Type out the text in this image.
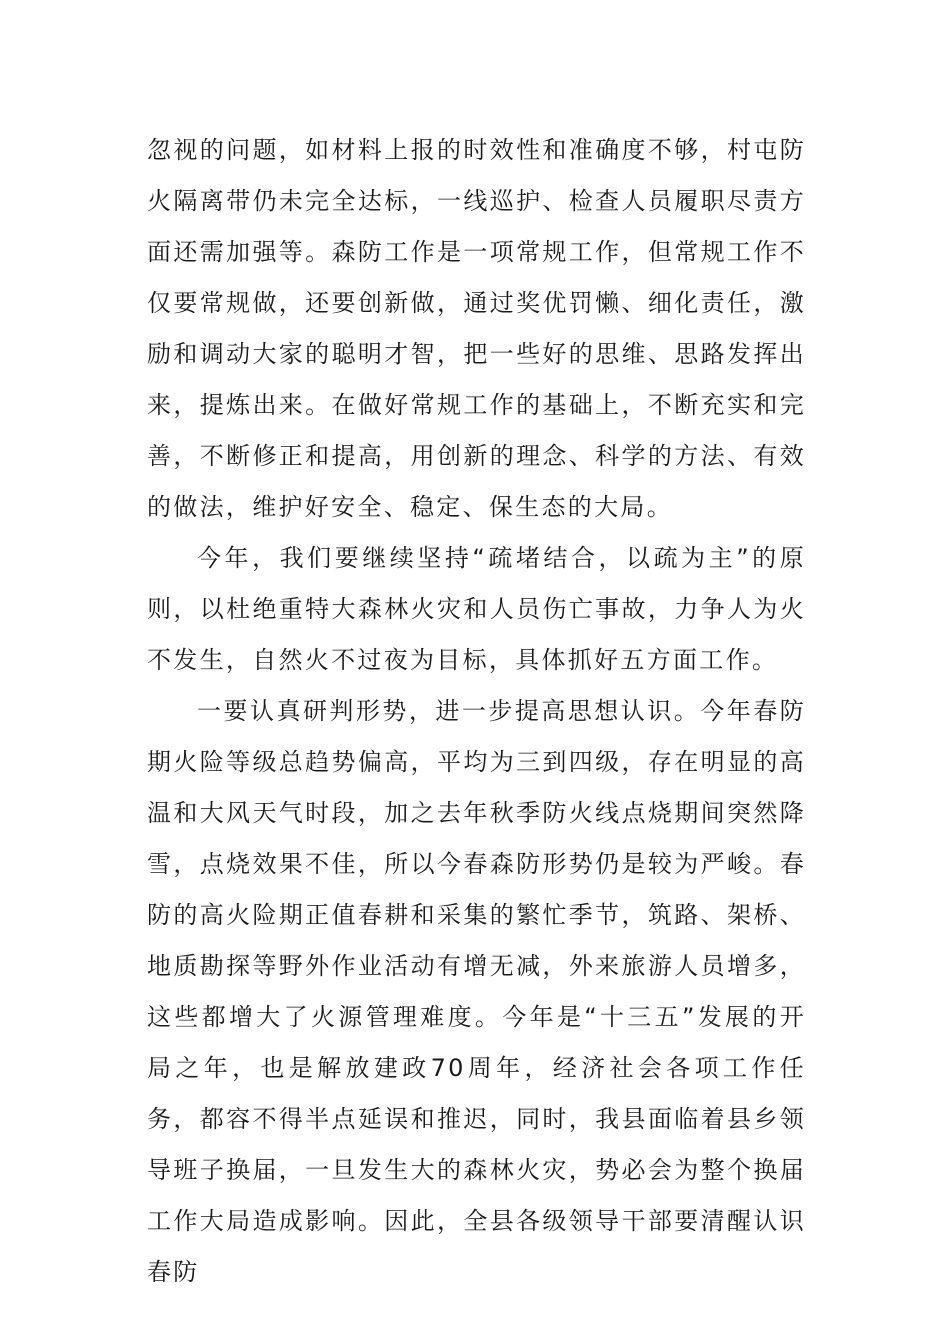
忽视的问题，如材料上报的时效性和准确度不够，村屯防火隔离带仍未完全达标，一线巡护、检查人员履职尽责方面还需加强等。森防工作是一项常规工作，但常规工作不仅要常规做，还要创新做，通过奖优罚懒、细化责任，激励和调动大家的聪明才智，把一些好的思维、思路发挥出来，提炼出来。在做好常规工作的基础上，不断充实和完善，不断修正和提高，用创新的理念、科学的方法、有效的做法，维护好安全、稳定、保生态的大局。

今年，我们要继续坚持“疏堵结合，以疏为主”的原则，以杜绝重特大森林火灾和人员伤亡事故，力争人为火不发生，自然火不过夜为目标，具体抓好五方面工作。

一要认真研判形势，进一步提高思想认识。今年春防期火险等级总趋势偏高，平均为三到四级，存在明显的高温和大风天气时段，加之去年秋季防火线点烧期间突然降雪，点烧效果不佳，所以今春森防形势仍是较为严峻。春防的高火险期正值春耕和采集的繁忙季节，筑路、架桥、地质勘探等野外作业活动有增无减，外来旅游人员增多，这些都增大了火源管理难度。今年是“十三五”发展的开局之年，也是解放建政70周年，经济社会各项工作任务，都容不得半点延误和推迟，同时，我县面临着县乡领导班子换届，一旦发生大的森林火灾，势必会为整个换届工作大局造成影响。因此，全县各级领导干部要清醒认识春防
